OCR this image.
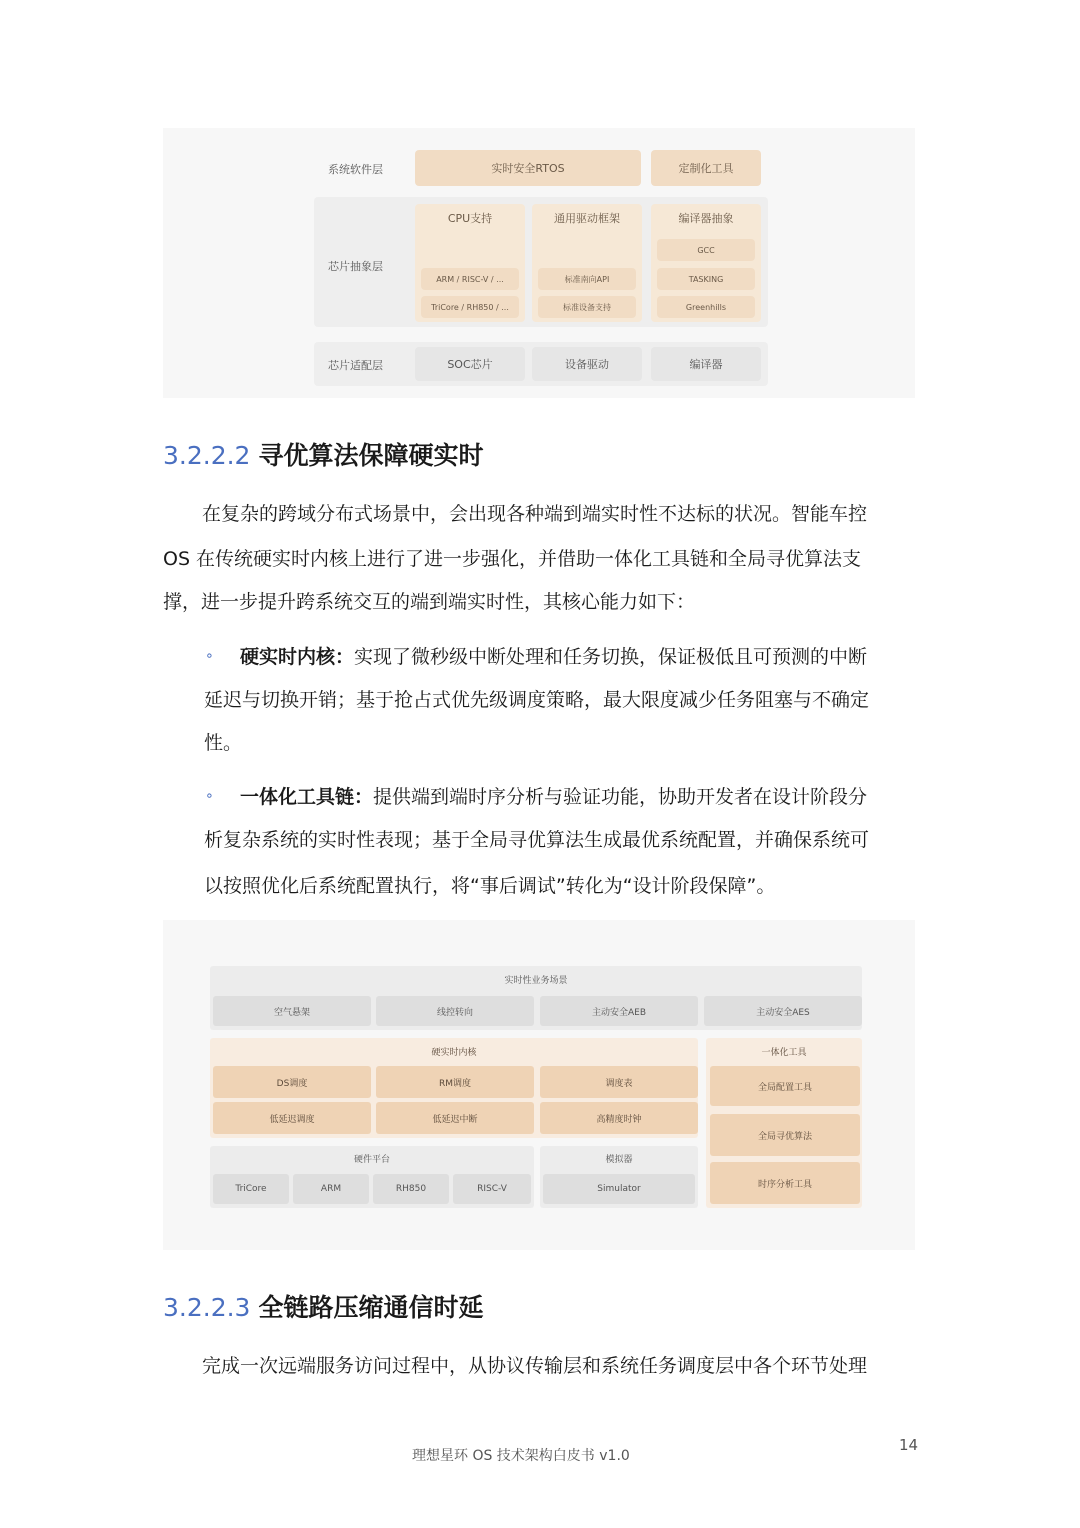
系统软件层	实时安全RTOS	定制化工具
芯片抽象层
CPU支持
ARM / RISC-V / ...
TriCore / RH850 / ...
通用驱动框架
标准南向API
标准设备支持
编译器抽象
GCC
TASKING
Greenhills
芯片适配层	SOC芯片	设备驱动	编译器
3.2.2.2 寻优算法保障硬实时
在复杂的跨域分布式场景中，会出现各种端到端实时性不达标的状况。智能车控
OS 在传统硬实时内核上进行了进一步强化，并借助一体化工具链和全局寻优算法支
撑，进一步提升跨系统交互的端到端实时性，其核心能力如下：
∘ 硬实时内核：实现了微秒级中断处理和任务切换，保证极低且可预测的中断
延迟与切换开销；基于抢占式优先级调度策略，最大限度减少任务阻塞与不确定
性。
∘ 一体化工具链：提供端到端时序分析与验证功能，协助开发者在设计阶段分
析复杂系统的实时性表现；基于全局寻优算法生成最优系统配置，并确保系统可
以按照优化后系统配置执行，将“事后调试”转化为“设计阶段保障”。
实时性业务场景
空气悬架	线控转向	主动安全AEB	主动安全AES
硬实时内核
DS调度	RM调度	调度表
低延迟调度	低延迟中断	高精度时钟
一体化工具
全局配置工具
全局寻优算法
时序分析工具
硬件平台
TriCore	ARM	RH850	RISC-V
模拟器
Simulator
3.2.2.3 全链路压缩通信时延
完成一次远端服务访问过程中，从协议传输层和系统任务调度层中各个环节处理
理想星环 OS 技术架构白皮书 v1.0
14
